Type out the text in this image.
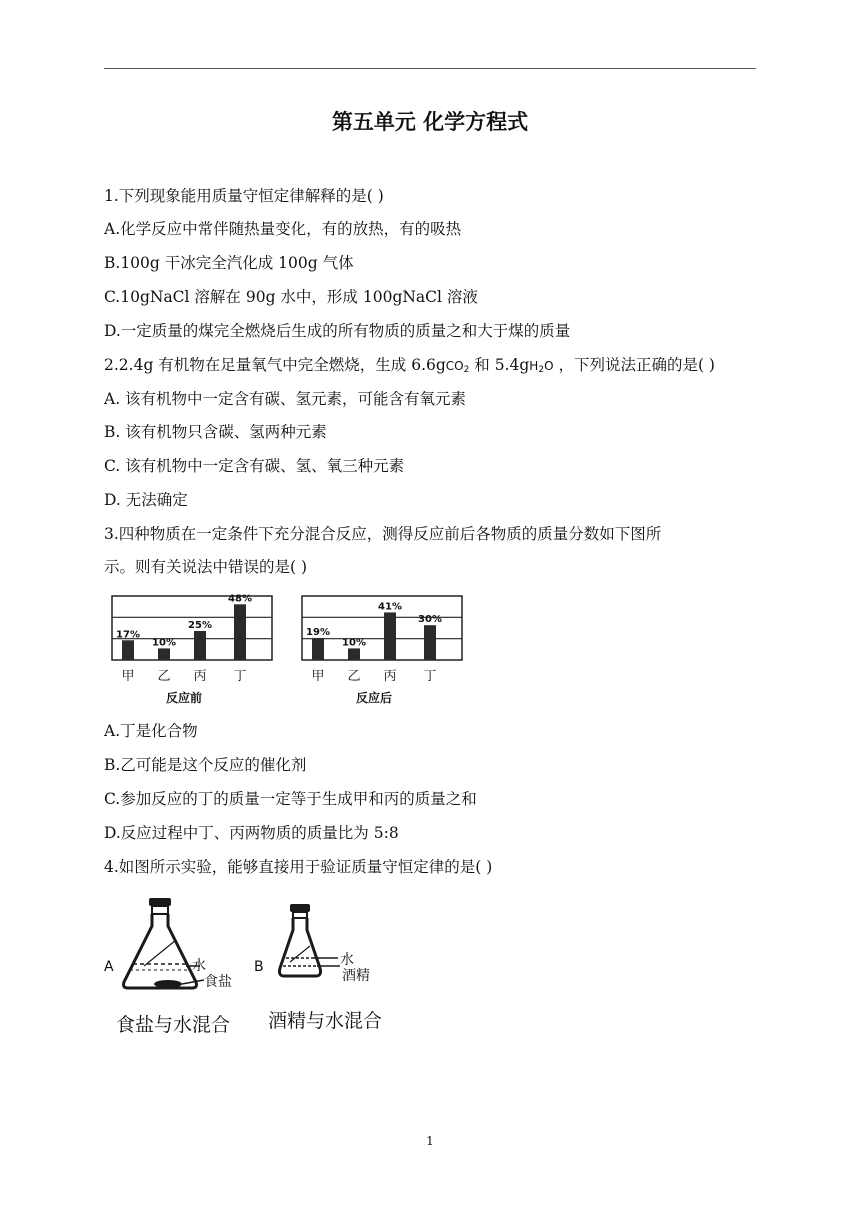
第五单元 化学方程式
1.下列现象能用质量守恒定律解释的是( )
A.化学反应中常伴随热量变化，有的放热，有的吸热
B.100g 干冰完全汽化成 100g 气体
C.10gNaCl 溶解在 90g 水中，形成 100gNaCl 溶液
D.一定质量的煤完全燃烧后生成的所有物质的质量之和大于煤的质量
2.2.4g 有机物在足量氧气中完全燃烧，生成 6.6gCO$_2$ 和 $5.4gH_2O$ ，下列说法正确的是( )
A. 该有机物中一定含有碳、氢元素，可能含有氧元素
B. 该有机物只含碳、氢两种元素
C. 该有机物中一定含有碳、氢、氧三种元素
D. 无法确定
3.四种物质在一定条件下充分混合反应，测得反应前后各物质的质量分数如下图所
示。则有关说法中错误的是( )
17%
甲
10%
乙
25%
丙
48%
丁
反应前
19%
甲
10%
乙
41%
丙
30%
丁
反应后
A.丁是化合物
B.乙可能是这个反应的催化剂
C.参加反应的丁的质量一定等于生成甲和丙的质量之和
D.反应过程中丁、丙两物质的质量比为 5:8
4.如图所示实验，能够直接用于验证质量守恒定律的是( )
A	水
食盐
食盐与水混合
B	水
酒精
酒精与水混合
1
